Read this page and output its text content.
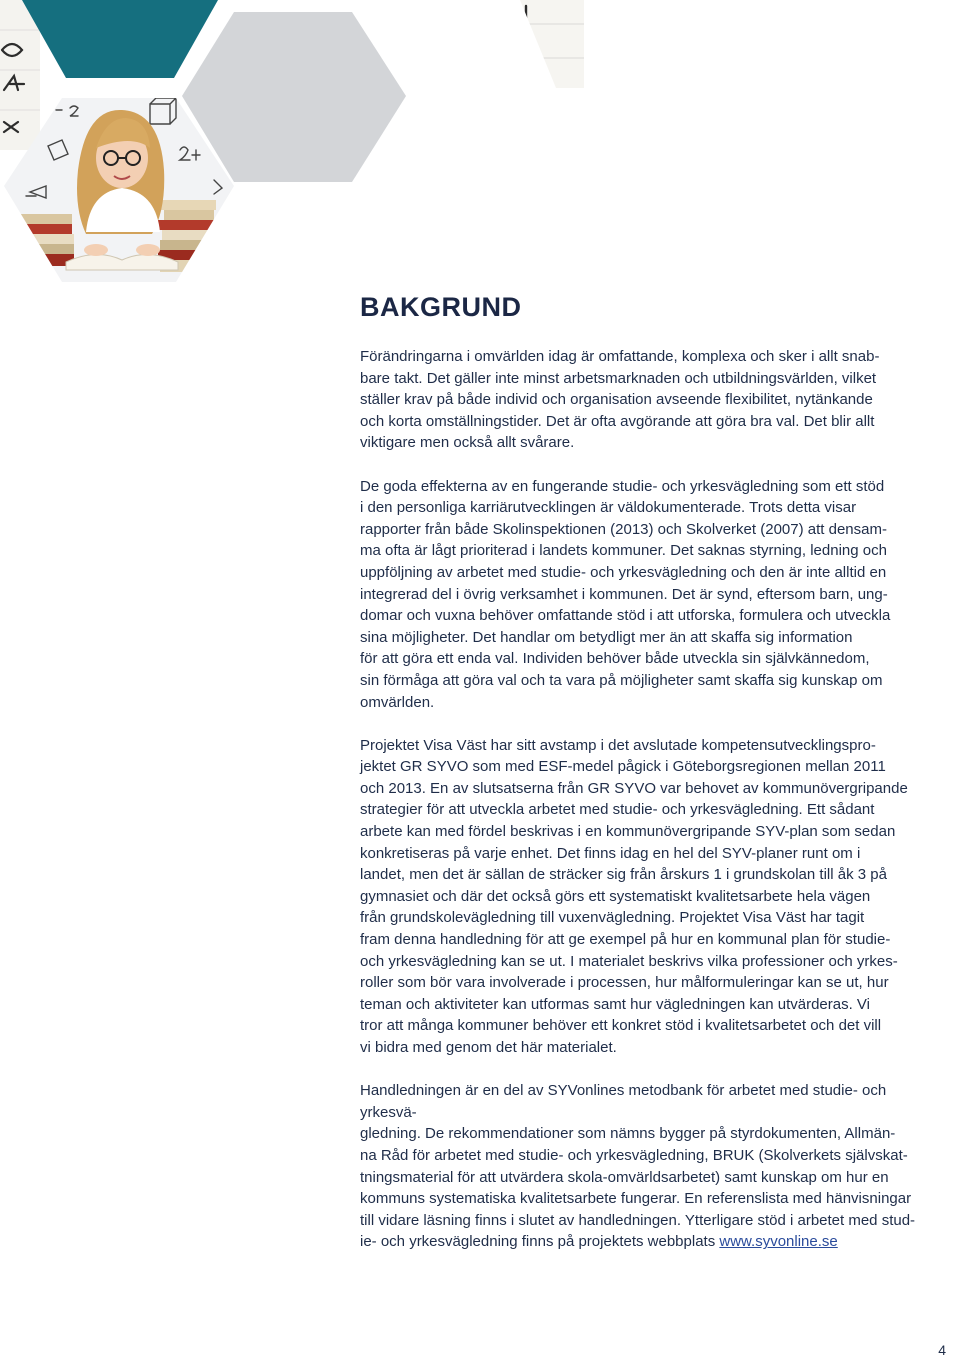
BAKGRUND

Förändringarna i omvärlden idag är omfattande, komplexa och sker i allt snab-
bare takt. Det gäller inte minst arbetsmarknaden och utbildningsvärlden, vilket
ställer krav på både individ och organisation avseende flexibilitet, nytänkande
och korta omställningstider. Det är ofta avgörande att göra bra val. Det blir allt
viktigare men också allt svårare.

De goda effekterna av en fungerande studie- och yrkesvägledning som ett stöd
i den personliga karriärutvecklingen är väldokumenterade. Trots detta visar
rapporter från både Skolinspektionen (2013) och Skolverket (2007) att densam-
ma ofta är lågt prioriterad i landets kommuner. Det saknas styrning, ledning och
uppföljning av arbetet med studie- och yrkesvägledning och den är inte alltid en
integrerad del i övrig verksamhet i kommunen. Det är synd, eftersom barn, ung-
domar och vuxna behöver omfattande stöd i att utforska, formulera och utveckla
sina möjligheter. Det handlar om betydligt mer än att skaffa sig information
för att göra ett enda val. Individen behöver både utveckla sin självkännedom,
sin förmåga att göra val och ta vara på möjligheter samt skaffa sig kunskap om
omvärlden.

Projektet Visa Väst har sitt avstamp i det avslutade kompetensutvecklingspro-
jektet GR SYVO som med ESF-medel pågick i Göteborgsregionen mellan 2011
och 2013. En av slutsatserna från GR SYVO var behovet av kommunövergripande
strategier för att utveckla arbetet med studie- och yrkesvägledning. Ett sådant
arbete kan med fördel beskrivas i en kommunövergripande SYV-plan som sedan
konkretiseras på varje enhet. Det finns idag en hel del SYV-planer runt om i
landet, men det är sällan de sträcker sig från årskurs 1 i grundskolan till åk 3 på
gymnasiet och där det också görs ett systematiskt kvalitetsarbete hela vägen
från grundskolevägledning till vuxenvägledning. Projektet Visa Väst har tagit
fram denna handledning för att ge exempel på hur en kommunal plan för studie-
och yrkesvägledning kan se ut. I materialet beskrivs vilka professioner och yrkes-
roller som bör vara involverade i processen, hur målformuleringar kan se ut, hur
teman och aktiviteter kan utformas samt hur vägledningen kan utvärderas. Vi
tror att många kommuner behöver ett konkret stöd i kvalitetsarbetet och det vill
vi bidra med genom det här materialet.

Handledningen är en del av SYVonlines metodbank för arbetet med studie- och yrkesvä-
gledning. De rekommendationer som nämns bygger på styrdokumenten, Allmän-
na Råd för arbetet med studie- och yrkesvägledning, BRUK (Skolverkets självskat-
tningsmaterial för att utvärdera skola-omvärldsarbetet) samt kunskap om hur en
kommuns systematiska kvalitetsarbete fungerar. En referenslista med hänvisningar
till vidare läsning finns i slutet av handledningen. Ytterligare stöd i arbetet med stud-
ie- och yrkesvägledning finns på projektets webbplats www.syvonline.se

4
